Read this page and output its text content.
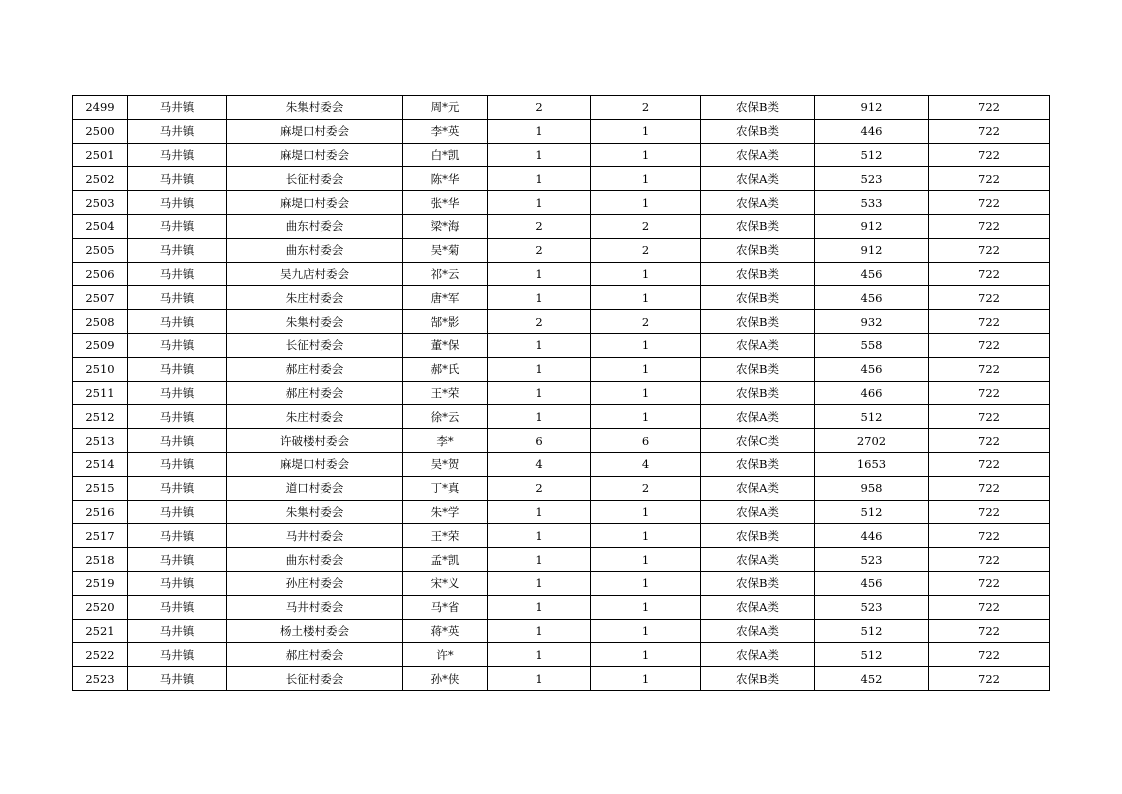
2499	马井镇	朱集村委会	周*元	2	2	农保B类	912	722
2500	马井镇	麻堤口村委会	李*英	1	1	农保B类	446	722
2501	马井镇	麻堤口村委会	白*凯	1	1	农保A类	512	722
2502	马井镇	长征村委会	陈*华	1	1	农保A类	523	722
2503	马井镇	麻堤口村委会	张*华	1	1	农保A类	533	722
2504	马井镇	曲东村委会	梁*海	2	2	农保B类	912	722
2505	马井镇	曲东村委会	吴*菊	2	2	农保B类	912	722
2506	马井镇	吴九店村委会	祁*云	1	1	农保B类	456	722
2507	马井镇	朱庄村委会	唐*军	1	1	农保B类	456	722
2508	马井镇	朱集村委会	郜*影	2	2	农保B类	932	722
2509	马井镇	长征村委会	董*保	1	1	农保A类	558	722
2510	马井镇	郝庄村委会	郝*氏	1	1	农保B类	456	722
2511	马井镇	郝庄村委会	王*荣	1	1	农保B类	466	722
2512	马井镇	朱庄村委会	徐*云	1	1	农保A类	512	722
2513	马井镇	许破楼村委会	李*	6	6	农保C类	2702	722
2514	马井镇	麻堤口村委会	吴*贺	4	4	农保B类	1653	722
2515	马井镇	道口村委会	丁*真	2	2	农保A类	958	722
2516	马井镇	朱集村委会	朱*学	1	1	农保A类	512	722
2517	马井镇	马井村委会	王*荣	1	1	农保B类	446	722
2518	马井镇	曲东村委会	孟*凯	1	1	农保A类	523	722
2519	马井镇	孙庄村委会	宋*义	1	1	农保B类	456	722
2520	马井镇	马井村委会	马*省	1	1	农保A类	523	722
2521	马井镇	杨土楼村委会	蒋*英	1	1	农保A类	512	722
2522	马井镇	郝庄村委会	许*	1	1	农保A类	512	722
2523	马井镇	长征村委会	孙*侠	1	1	农保B类	452	722
